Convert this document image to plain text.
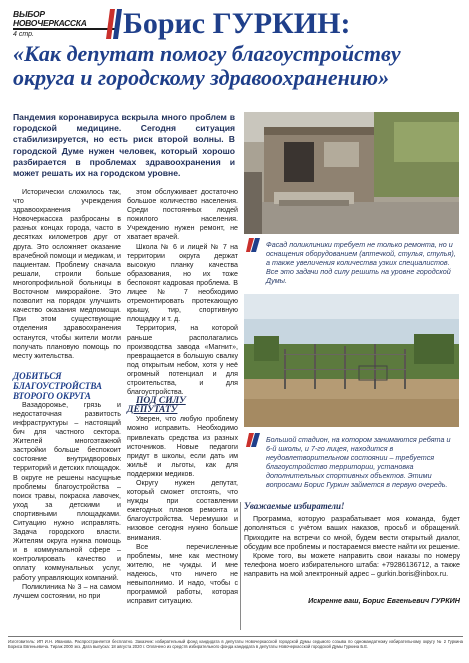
ВЫБОР
НОВОЧЕРКАССКА
4 стр.	Борис ГУРКИН:
«Как депутат помогу благоустройству округа и городскому здравоохранению»
Пандемия коронавируса вскрыла много проблем в городской медицине. Сегодня ситуация стабилизируется, но есть риск второй волны. В городской Думе нужен человек, который хорошо разбирается в проблемах здравоохранения и может решать их на городском уровне.

Исторически сложилось так, что учреждения здравоохранения Новочеркасска разбросаны в разных концах города, часто в десятках километров друг от друга. Это осложняет оказание врачебной помощи и медикам, и пациентам. Проблему сначала решали, строили больше многопрофильной больницы в Восточном микрорайоне. Это позволит на порядок улучшить качество оказания медпомощи. При этом существующие отделения здравоохранения останутся, чтобы жители могли получать плановую помощь по месту жительства.

ДОБИТЬСЯ БЛАГОУСТРОЙСТВА ВТОРОГО ОКРУГА

Вазадорожье, грязь и недостаточная развитость инфраструктуры – настоящий бич для частного сектора. Жителей многоэтажной застройки больше беспокоит состояние внутридворовых территорий и детских площадок. В округе не решены насущные проблемы благоустройства – поиск травы, покраска лавочек, уход за детскими и спортивными площадками. Ситуацию нужно исправлять. Задача городского власти. Жителям округа нужна помощь и в коммунальной сфере – контролировать качество и оплату коммунальных услуг, работу управляющих компаний.

Поликлиника № 3 – на самом лучшем состоянии, но при

этом обслуживает достаточно большое количество населения. Среди постоянных людей пожилого населения. Учреждению нужен ремонт, не хватает врачей.

Школа № 6 и лицей № 7 на территории округа держат высокую планку качества образования, но их тоже беспокоят кадровая проблема. В лицее № 7 необходимо отремонтировать протекающую крышу, тир, спортивную площадку и т. д.

Территория, на которой раньше располагались производства завода «Магнит», превращается в большую свалку под открытым небом, хотя у неё огромный потенциал и для строительства, и для благоустройства.

ПОД СИЛУ ДЕПУТАТУ

Уверен, что любую проблему можно исправить. Необходимо привлекать средства из разных источников. Новые педагоги придут в школы, если дать им жильё и льготы, как для поддержки медиков.

Округу нужен депутат, который сможет отстоять, что нужды при составлении ежегодных планов ремонта и благоустройства. Черемушки и низовое сегодня нужно больше внимания.

Все перечисленные проблемы, мне как местному жителю, не чужды. И мне надеюсь, что ничего не невыполнимо. И надо, чтобы с программой работы, которая исправит ситуацию.

Фасад поликлиники требует не только ремонта, но и оснащения оборудованием (аптечкой, стулья, стулья), а также увеличения количества узких специалистов. Все это задачи под силу решить на уровне городской Думы.
Большой стадион, на котором занимаются ребята и 6-й школы, и 7-го лицея, находится в неудовлетворительном состоянии – требуется благоустройство территории, установка дополнительных спортивных объектов. Этими вопросами Борис Гуркин займется в первую очередь.
Уважаемые избиратели!

Программа, которую разрабатывает моя команда, будет дополняться с учётом ваших наказов, просьб и обращений. Приходите на встречи со мной, будем вести открытый диалог, обсудим все проблемы и постараемся вместе найти их решение.

Кроме того, вы можете направить свои наказы по номеру телефона моего избирательного штаба: +79286136712, а также направить на мой электронный адрес – gurkin.boris@inbox.ru.

Искренне ваш, Борис Евгеньевич ГУРКИН

Изготовитель: ИП И.Н. Иванова. Распространяется бесплатно. Заказчик: избирательный фонд кандидата в депутаты Новочеркасской городской Думы седьмого созыва по одномандатному избирательному округу № 2 Гуркина Бориса Евгеньевича. Тираж 2000 экз. Дата выпуска: 18 августа 2020 г. Оплачено из средств избирательного фонда кандидата в депутаты Новочеркасской городской Думы Гуркина Б.Е.
